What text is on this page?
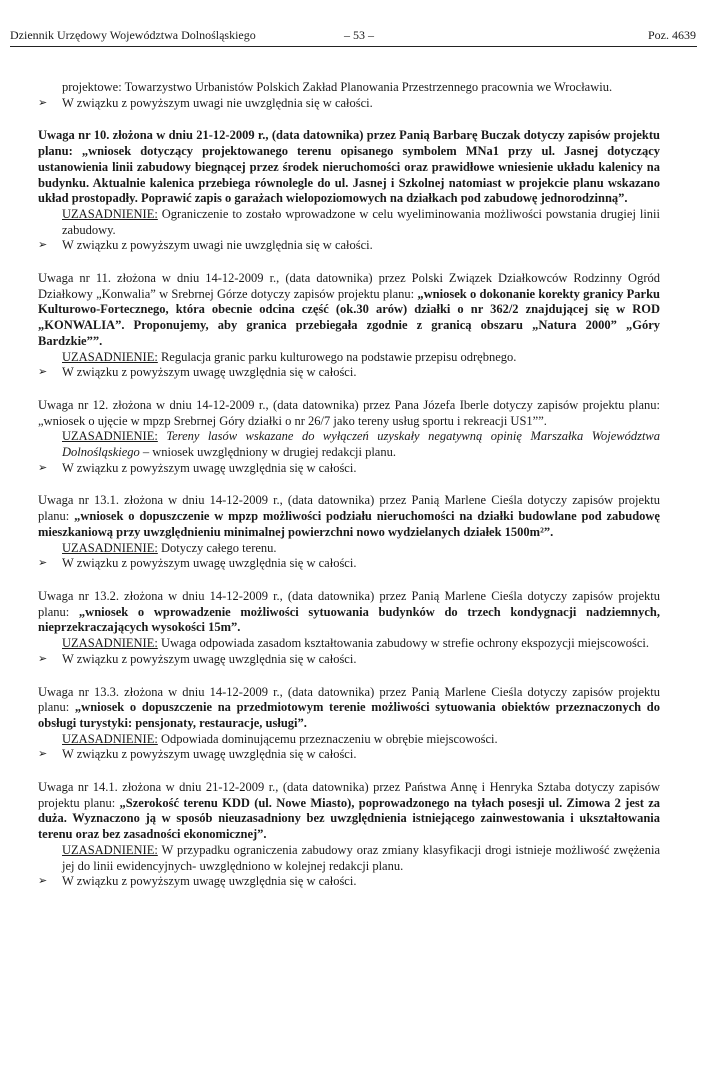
Dziennik Urzędowy Województwa Dolnośląskiego	– 53 –	Poz. 4639
projektowe: Towarzystwo Urbanistów Polskich Zakład Planowania Przestrzennego pracownia we Wrocławiu.
➢ W związku z powyższym uwagi nie uwzględnia się w całości.
Uwaga nr 10. złożona w dniu 21-12-2009 r., (data datownika) przez Panią Barbarę Buczak dotyczy zapisów projektu planu: „wniosek dotyczący projektowanego terenu opisanego symbolem MNa1 przy ul. Jasnej dotyczący ustanowienia linii zabudowy biegnącej przez środek nieruchomości oraz prawidłowe wniesienie układu kalenicy na budynku. Aktualnie kalenica przebiega równolegle do ul. Jasnej i Szkolnej natomiast w projekcie planu wskazano układ prostopadły. Poprawić zapis o garażach wielopoziomowych na działkach pod zabudowę jednorodzinną”.
UZASADNIENIE: Ograniczenie to zostało wprowadzone w celu wyeliminowania możliwości powstania drugiej linii zabudowy.
➢ W związku z powyższym uwagi nie uwzględnia się w całości.
Uwaga nr 11. złożona w dniu 14-12-2009 r., (data datownika) przez Polski Związek Działkowców Rodzinny Ogród Działkowy „Konwalia” w Srebrnej Górze dotyczy zapisów projektu planu: „wniosek o dokonanie korekty granicy Parku Kulturowo-Fortecznego, która obecnie odcina część (ok.30 arów) działki o nr 362/2 znajdującej się w ROD „KONWALIA”. Proponujemy, aby granica przebiegała zgodnie z granicą obszaru „Natura 2000” „Góry Bardzkie””.
UZASADNIENIE: Regulacja granic parku kulturowego na podstawie przepisu odrębnego.
➢ W związku z powyższym uwagę uwzględnia się w całości.
Uwaga nr 12. złożona w dniu 14-12-2009 r., (data datownika) przez Pana Józefa Iberle dotyczy zapisów projektu planu: „wniosek o ujęcie w mpzp Srebrnej Góry działki o nr 26/7 jako tereny usług sportu i rekreacji US1””.
UZASADNIENIE: Tereny lasów wskazane do wyłączeń uzyskały negatywną opinię Marszałka Województwa Dolnośląskiego – wniosek uwzględniony w drugiej redakcji planu.
➢ W związku z powyższym uwagę uwzględnia się w całości.
Uwaga nr 13.1. złożona w dniu 14-12-2009 r., (data datownika) przez Panią Marlene Cieśla dotyczy zapisów projektu planu: „wniosek o dopuszczenie w mpzp możliwości podziału nieruchomości na działki budowlane pod zabudowę mieszkaniową przy uwzględnieniu minimalnej powierzchni nowo wydzielanych działek 1500m²”.
UZASADNIENIE: Dotyczy całego terenu.
➢ W związku z powyższym uwagę uwzględnia się w całości.
Uwaga nr 13.2. złożona w dniu 14-12-2009 r., (data datownika) przez Panią Marlene Cieśla dotyczy zapisów projektu planu: „wniosek o wprowadzenie możliwości sytuowania budynków do trzech kondygnacji nadziemnych, nieprzekraczających wysokości 15m”.
UZASADNIENIE: Uwaga odpowiada zasadom kształtowania zabudowy w strefie ochrony ekspozycji miejscowości.
➢ W związku z powyższym uwagę uwzględnia się w całości.
Uwaga nr 13.3. złożona w dniu 14-12-2009 r., (data datownika) przez Panią Marlene Cieśla dotyczy zapisów projektu planu: „wniosek o dopuszczenie na przedmiotowym terenie możliwości sytuowania obiektów przeznaczonych do obsługi turystyki: pensjonaty, restauracje, usługi”.
UZASADNIENIE: Odpowiada dominującemu przeznaczeniu w obrębie miejscowości.
➢ W związku z powyższym uwagę uwzględnia się w całości.
Uwaga nr 14.1. złożona w dniu 21-12-2009 r., (data datownika) przez Państwa Annę i Henryka Sztaba dotyczy zapisów projektu planu: „Szerokość terenu KDD (ul. Nowe Miasto), poprowadzonego na tyłach posesji ul. Zimowa 2 jest za duża. Wyznaczono ją w sposób nieuzasadniony bez uwzględnienia istniejącego zainwestowania i ukształtowania terenu oraz bez zasadności ekonomicznej”.
UZASADNIENIE: W przypadku ograniczenia zabudowy oraz zmiany klasyfikacji drogi istnieje możliwość zwężenia jej do linii ewidencyjnych- uwzględniono w kolejnej redakcji planu.
➢ W związku z powyższym uwagę uwzględnia się w całości.
